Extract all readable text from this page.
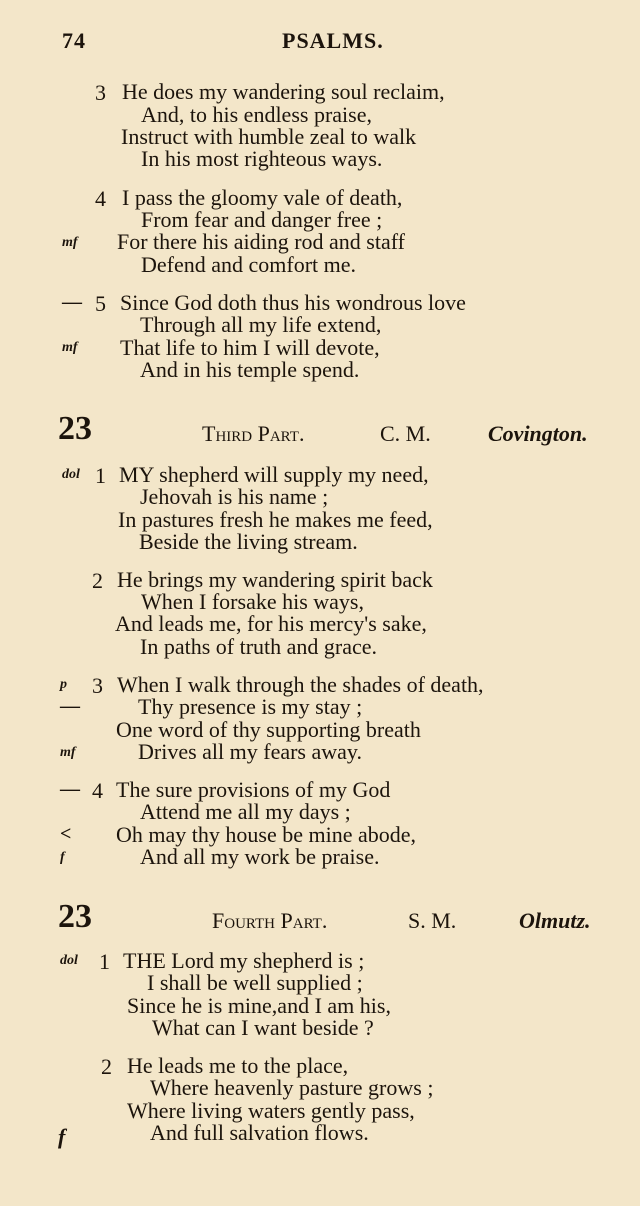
74	PSALMS.
3 He does my wandering soul reclaim,
And, to his endless praise,
Instruct with humble zeal to walk
In his most righteous ways.
4 I pass the gloomy vale of death,
From fear and danger free ;
mf For there his aiding rod and staff
Defend and comfort me.
— 5 Since God doth thus his wondrous love
Through all my life extend,
mf That life to him I will devote,
And in his temple spend.
23	Third Part.	C. M.	Covington.
dol 1 MY shepherd will supply my need,
Jehovah is his name ;
In pastures fresh he makes me feed,
Beside the living stream.
2 He brings my wandering spirit back
When I forsake his ways,
And leads me, for his mercy's sake,
In paths of truth and grace.
p 3 When I walk through the shades of death,
—	Thy presence is my stay ;
One word of thy supporting breath
mf	Drives all my fears away.
— 4 The sure provisions of my God
Attend me all my days ;
< Oh may thy house be mine abode,
f	And all my work be praise.
23	Fourth Part.	S. M.	Olmutz.
dol 1 THE Lord my shepherd is ;
I shall be well supplied ;
Since he is mine,and I am his,
What can I want beside ?
2 He leads me to the place,
Where heavenly pasture grows ;
Where living waters gently pass,
f	And full salvation flows.
